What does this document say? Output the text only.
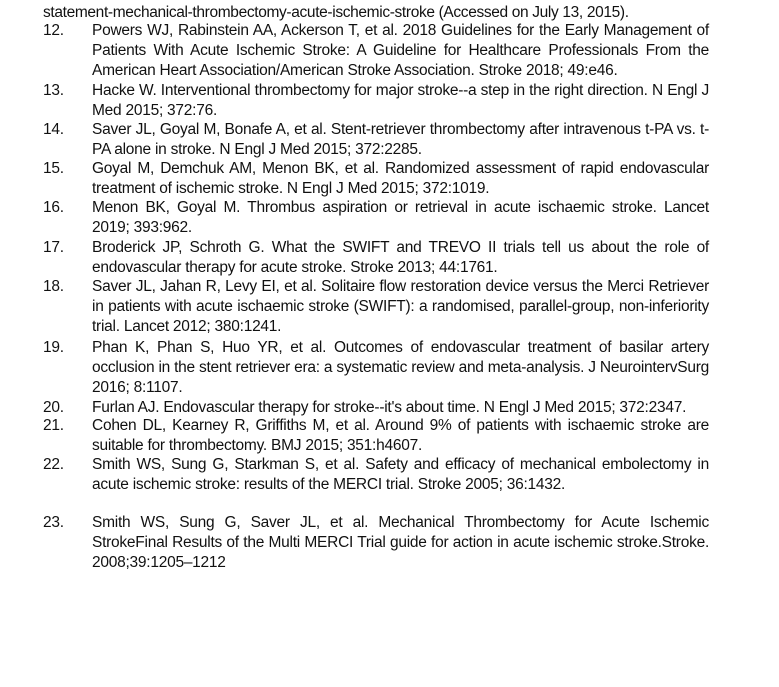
statement-mechanical-thrombectomy-acute-ischemic-stroke (Accessed on July 13, 2015).
12.	Powers WJ, Rabinstein AA, Ackerson T, et al. 2018 Guidelines for the Early Management of Patients With Acute Ischemic Stroke: A Guideline for Healthcare Professionals From the American Heart Association/American Stroke Association. Stroke 2018; 49:e46.
13.	Hacke W. Interventional thrombectomy for major stroke--a step in the right direction. N Engl J Med 2015; 372:76.
14.	Saver JL, Goyal M, Bonafe A, et al. Stent-retriever thrombectomy after intravenous t-PA vs. t-PA alone in stroke. N Engl J Med 2015; 372:2285.
15.	Goyal M, Demchuk AM, Menon BK, et al. Randomized assessment of rapid endovascular treatment of ischemic stroke. N Engl J Med 2015; 372:1019.
16.	Menon BK, Goyal M. Thrombus aspiration or retrieval in acute ischaemic stroke. Lancet 2019; 393:962.
17.	Broderick JP, Schroth G. What the SWIFT and TREVO II trials tell us about the role of endovascular therapy for acute stroke. Stroke 2013; 44:1761.
18.	Saver JL, Jahan R, Levy EI, et al. Solitaire flow restoration device versus the Merci Retriever in patients with acute ischaemic stroke (SWIFT): a randomised, parallel-group, non-inferiority trial. Lancet 2012; 380:1241.
19.	Phan K, Phan S, Huo YR, et al. Outcomes of endovascular treatment of basilar artery occlusion in the stent retriever era: a systematic review and meta-analysis. J NeurointervSurg 2016; 8:1107.
20.	Furlan AJ. Endovascular therapy for stroke--it's about time. N Engl J Med 2015; 372:2347.
21.	Cohen DL, Kearney R, Griffiths M, et al. Around 9% of patients with ischaemic stroke are suitable for thrombectomy. BMJ 2015; 351:h4607.
22.	Smith WS, Sung G, Starkman S, et al. Safety and efficacy of mechanical embolectomy in acute ischemic stroke: results of the MERCI trial. Stroke 2005; 36:1432.
23.	Smith WS, Sung G, Saver JL, et al. Mechanical Thrombectomy for Acute Ischemic StrokeFinal Results of the Multi MERCI Trial guide for action in acute ischemic stroke.Stroke. 2008;39:1205–1212
